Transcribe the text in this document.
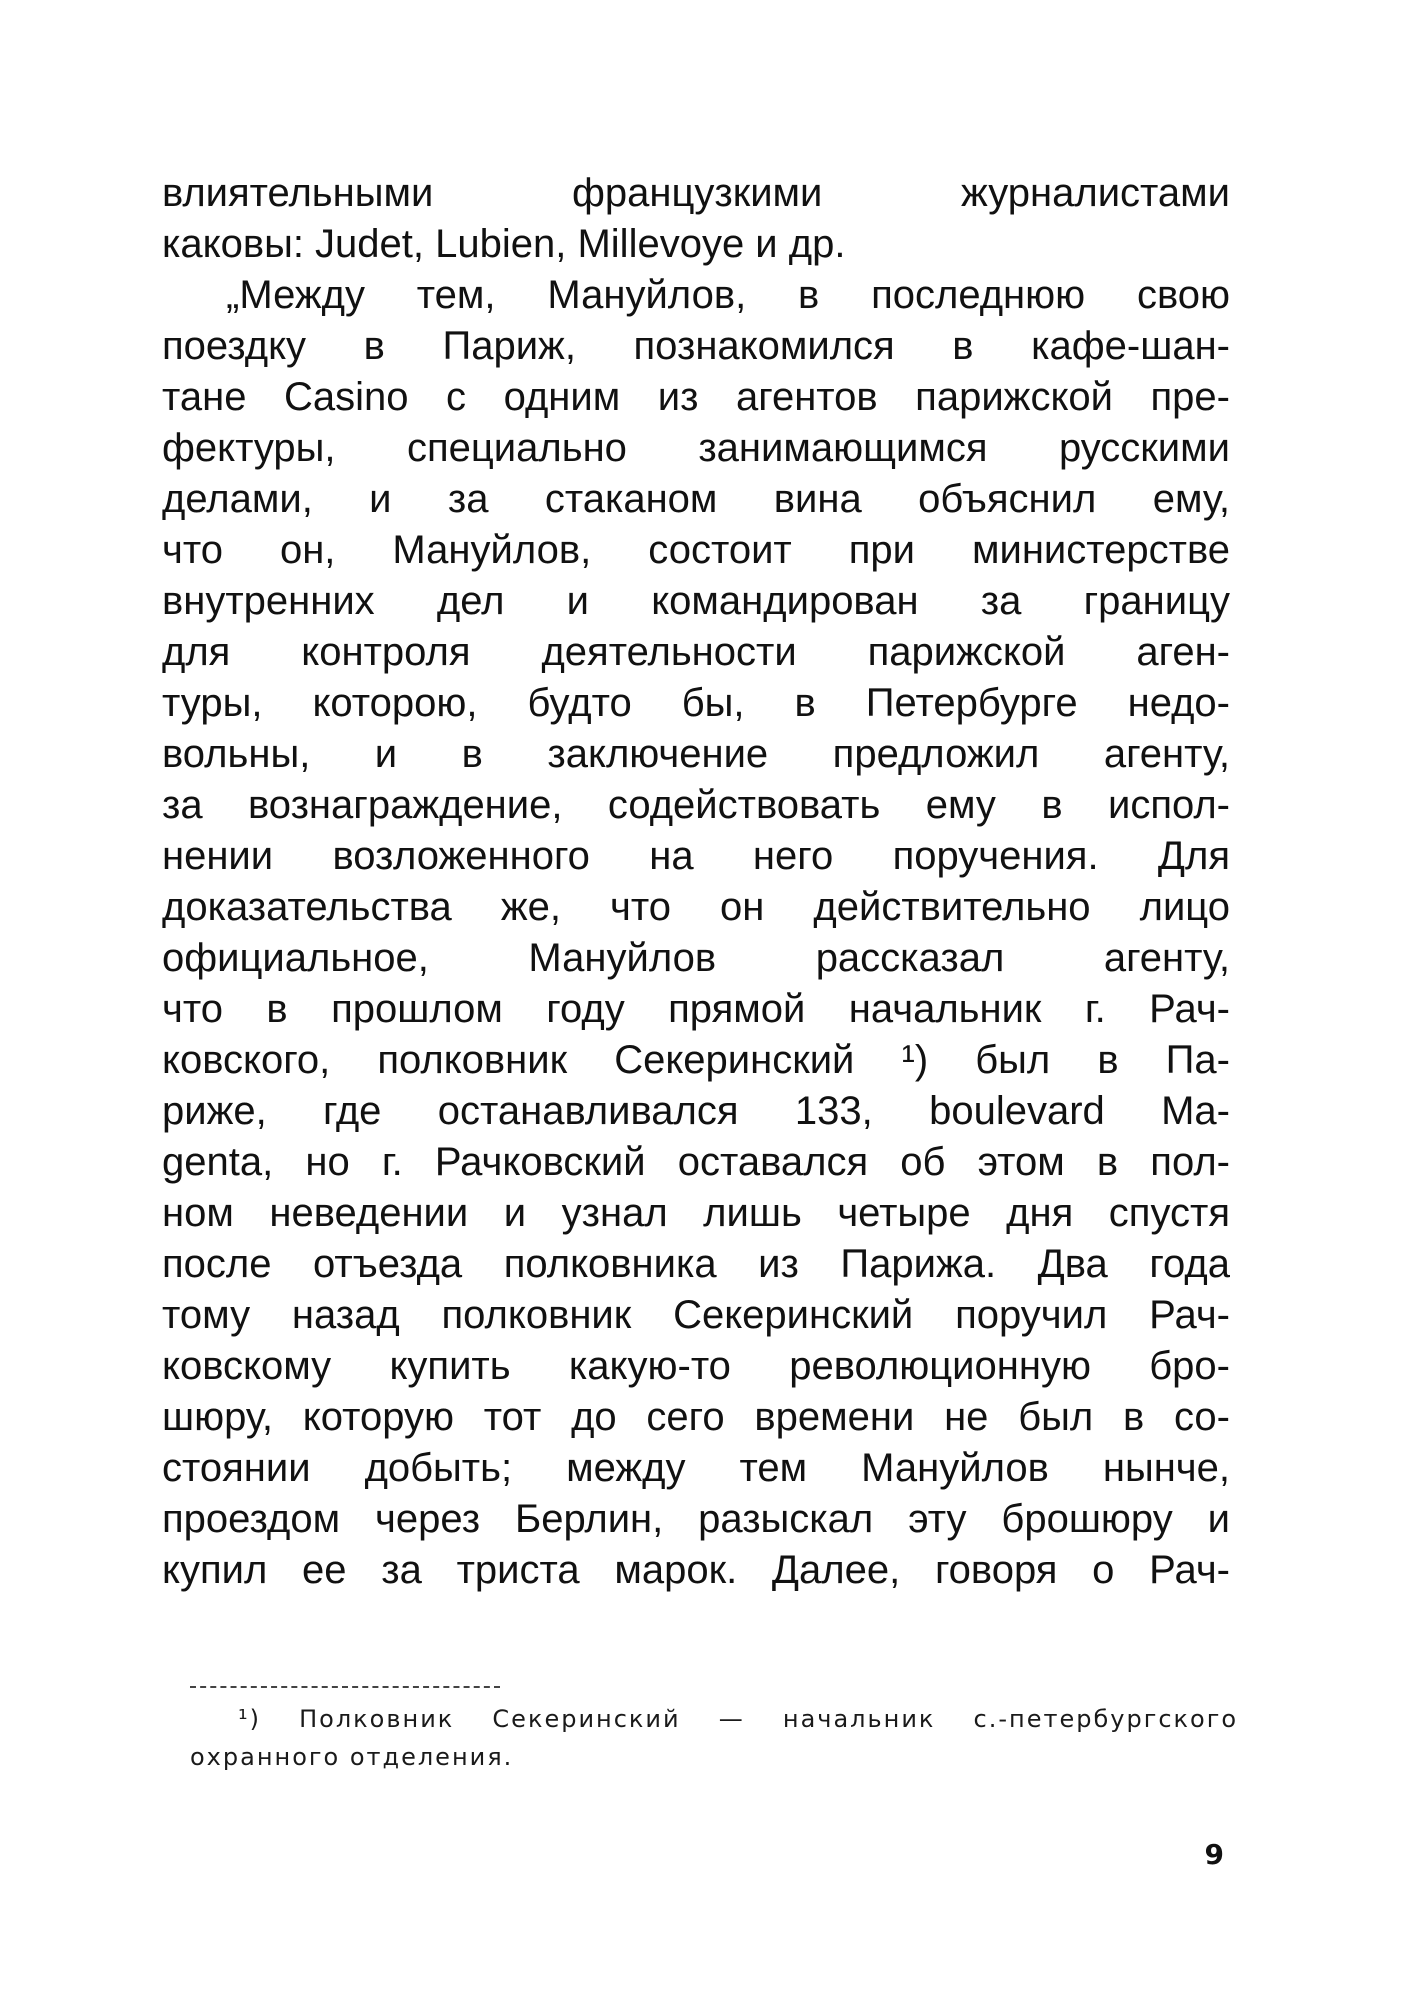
влиятельными французкими журналистами
каковы: Judet, Lubien, Millevoye и др.
„Между тем, Мануйлов, в последнюю свою
поездку в Париж, познакомился в кафе-шан-
тане Casino с одним из агентов парижской пре-
фектуры, специально занимающимся русскими
делами, и за стаканом вина объяснил ему,
что он, Мануйлов, состоит при министерстве
внутренних дел и командирован за границу
для контроля деятельности парижской аген-
туры, которою, будто бы, в Петербурге недо-
вольны, и в заключение предложил агенту,
за вознаграждение, содействовать ему в испол-
нении возложенного на него поручения. Для
доказательства же, что он действительно лицо
официальное, Мануйлов рассказал агенту,
что в прошлом году прямой начальник г. Рач-
ковского, полковник Секеринский ¹) был в Па-
риже, где останавливался 133, boulevard Ma-
genta, но г. Рачковский оставался об этом в пол-
ном неведении и узнал лишь четыре дня спустя
после отъезда полковника из Парижа. Два года
тому назад полковник Секеринский поручил Рач-
ковскому купить какую-то революционную бро-
шюру, которую тот до сего времени не был в со-
стоянии добыть; между тем Мануйлов нынче,
проездом через Берлин, разыскал эту брошюру и
купил ее за триста марок. Далее, говоря о Рач-
¹) Полковник Секеринский — начальник с.-петербургского
охранного отделения.
9
